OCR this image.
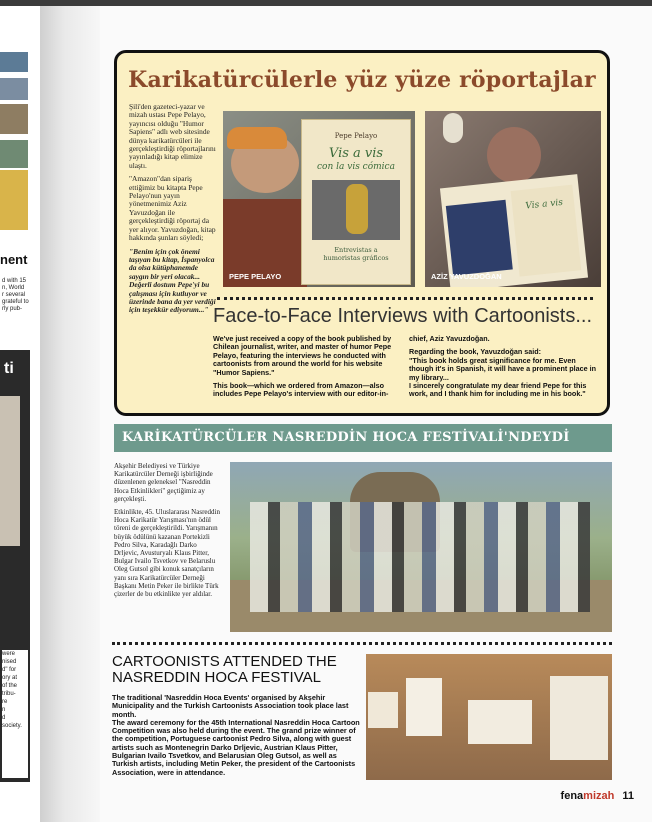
nent
d with 15
n, World
r several
grateful to
rly pub-
ti
were
nised
d" for
ory at
of the
tribu-
re
n
d
society.
Karikatürcülerle yüz yüze röportajlar

Şili'den gazeteci-yazar ve mizah ustası Pepe Pelayo, yayıncısı olduğu "Humor Sapiens" adlı web sitesinde dünya karikatürcüleri ile gerçekleştirdiği röportajlarını yayınladığı kitap elimize ulaştı.

"Amazon"dan sipariş ettiğimiz bu kitapta Pepe Pelayo'nun yayın yönetmenimiz Aziz Yavuzdoğan ile gerçekleştirdiği röportaj da yer alıyor. Yavuzdoğan, kitap hakkında şunları söyledi;

"Benim için çok önemi taşıyan bu kitap, İspanyolca da olsa kütüphanemde saygın bir yeri olacak... Değerli dostum Pepe'yi bu çalışması için kutluyor ve üzerinde bana da yer verdiği için teşekkür ediyorum..."

Pepe Pelayo
Vis a vis
con la vis cómica
Entrevistas a
humoristas gráficos
PEPE PELAYO
Vis a vis
AZİZ YAVUZDOĞAN
Face-to-Face Interviews with Cartoonists...

We've just received a copy of the book published by Chilean journalist, writer, and master of humor Pepe Pelayo, featuring the interviews he conducted with cartoonists from around the world for his website "Humor Sapiens."

This book—which we ordered from Amazon—also includes Pepe Pelayo's interview with our editor-in-

chief, Aziz Yavuzdoğan.

Regarding the book, Yavuzdoğan said:

"This book holds great significance for me. Even though it's in Spanish, it will have a prominent place in my library...

I sincerely congratulate my dear friend Pepe for this work, and I thank him for including me in his book."

KARİKATÜRCÜLER NASREDDİN HOCA FESTİVALİ'NDEYDİ

Akşehir Belediyesi ve Türkiye Karikatürcüler Derneği işbirliğinde düzenlenen geleneksel "Nasreddin Hoca Etkinlikleri" geçtiğimiz ay gerçekleşti.

Etkinlikte, 45. Uluslararası Nasreddin Hoca Karikatür Yarışması'nın ödül töreni de gerçekleştirildi. Yarışmanın büyük ödülünü kazanan Portekizli Pedro Silva, Karadağlı Darko Drljevic, Avusturyalı Klaus Pitter, Bulgar Ivailo Tsvetkov ve Belaruslu Oleg Gutsol gibi konuk sanatçıların yanı sıra Karikatürcüler Derneği Başkanı Metin Peker ile birlikte Türk çizerler de bu etkinlikte yer aldılar.

CARTOONISTS ATTENDED THE
NASREDDIN HOCA FESTIVAL

The traditional 'Nasreddin Hoca Events' organised by Akşehir Municipality and the Turkish Cartoonists Association took place last month.

The award ceremony for the 45th International Nasreddin Hoca Cartoon Competition was also held during the event. The grand prize winner of the competition, Portuguese cartoonist Pedro Silva, along with guest artists such as Montenegrin Darko Drljevic, Austrian Klaus Pitter, Bulgarian Ivailo Tsvetkov, and Belarusian Oleg Gutsol, as well as Turkish artists, including Metin Peker, the president of the Cartoonists Association, were in attendance.

fenamizah 11
